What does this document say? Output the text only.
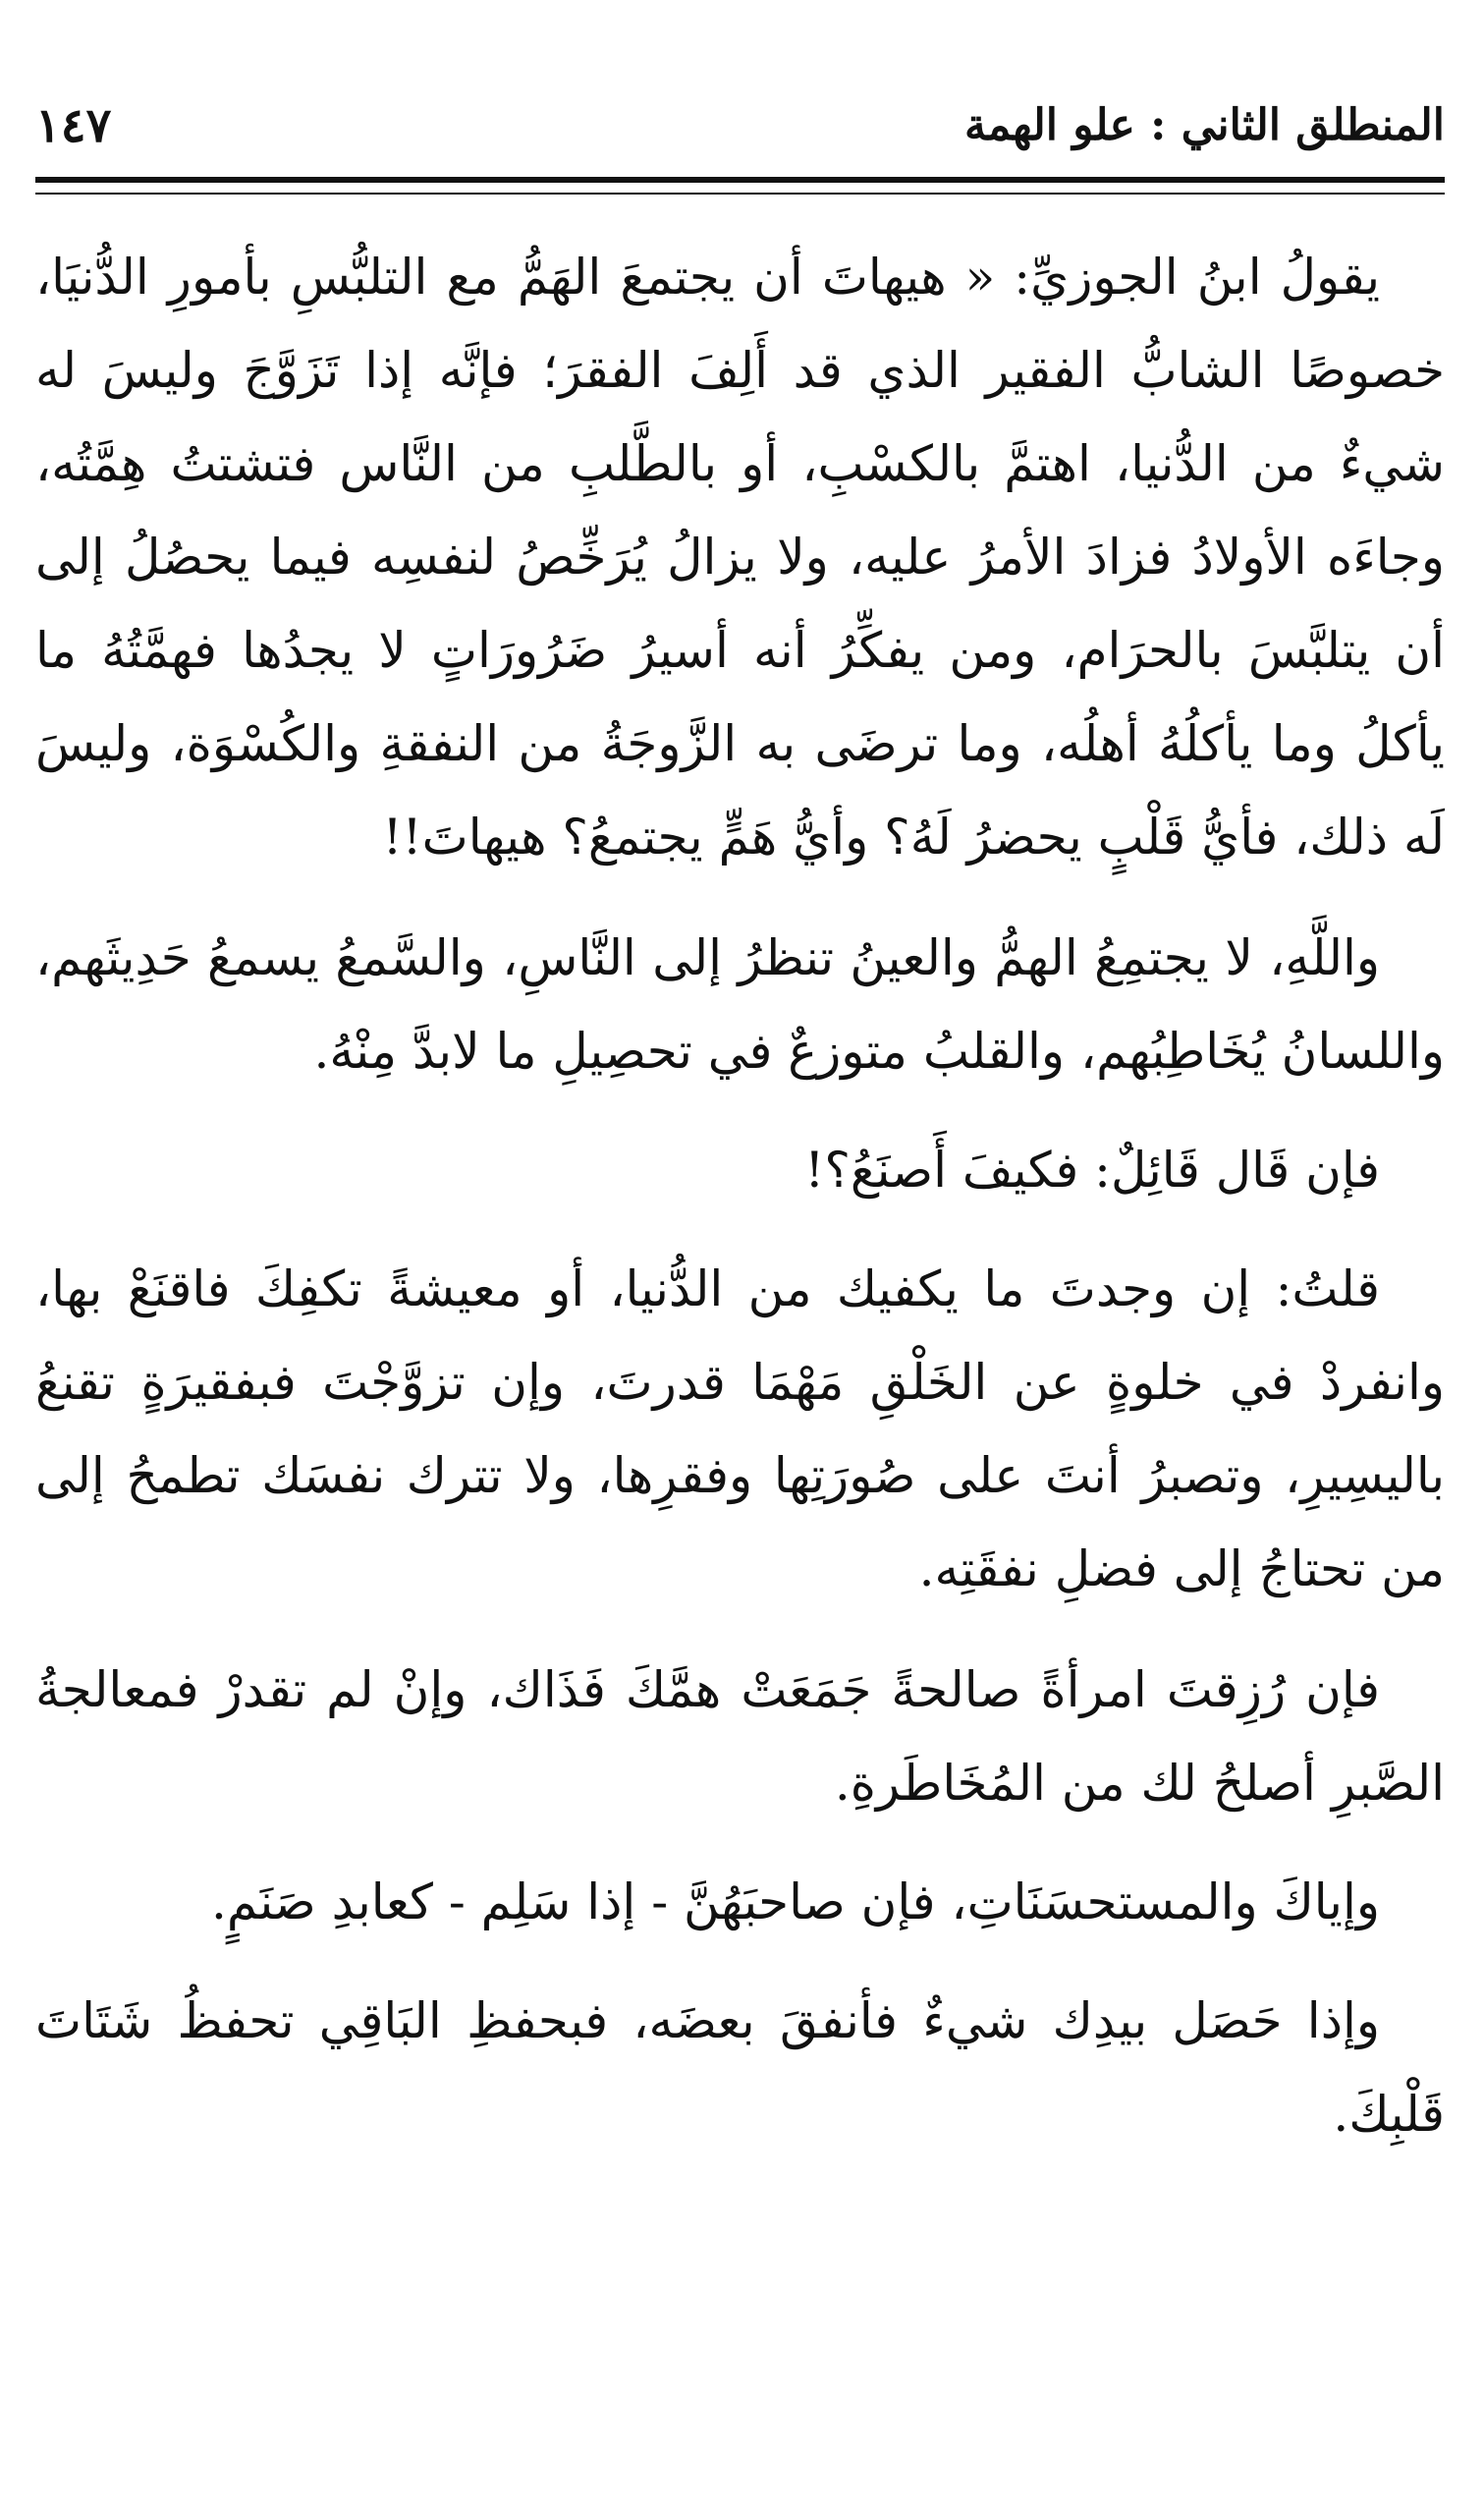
المنطلق الثاني : علو الهمة
١٤٧

يقولُ ابنُ الجوزيِّ: « هيهاتَ أن يجتمعَ الهَمُّ مع التلبُّسِ بأمورِ الدُّنيَا، خصوصًا الشابُّ الفقير الذي قد أَلِفَ الفقرَ؛ فإنَّه إذا تَزَوَّجَ وليسَ له شيءٌ من الدُّنيا، اهتمَّ بالكسْبِ، أو بالطَّلبِ من النَّاس فتشتتُ هِمَّتُه، وجاءَه الأولادُ فزادَ الأمرُ عليه، ولا يزالُ يُرَخِّصُ لنفسِه فيما يحصُلُ إلى أن يتلبَّسَ بالحرَام، ومن يفكِّرُ أنه أسيرُ ضَرُورَاتٍ لا يجدُها فهمَّتُهُ ما يأكلُ وما يأكلُهُ أهلُه، وما ترضَى به الزَّوجَةُ من النفقةِ والكُسْوَة، وليسَ لَه ذلك، فأيُّ قَلْبٍ يحضرُ لَهُ؟ وأيُّ هَمٍّ يجتمعُ؟ هيهاتَ!!

واللَّهِ، لا يجتمِعُ الهمُّ والعينُ تنظرُ إلى النَّاسِ، والسَّمعُ يسمعُ حَدِيثَهم، واللسانُ يُخَاطِبُهم، والقلبُ متوزعٌ في تحصِيلِ ما لابدَّ مِنْهُ.

فإن قَال قَائِلٌ: فكيفَ أَصنَعُ؟!

قلتُ: إن وجدتَ ما يكفيك من الدُّنيا، أو معيشةً تكفِكَ فاقنَعْ بها، وانفردْ في خلوةٍ عن الخَلْقِ مَهْمَا قدرتَ، وإن تزوَّجْتَ فبفقيرَةٍ تقنعُ باليسِيرِ، وتصبرُ أنتَ على صُورَتِها وفقرِها، ولا تترك نفسَك تطمحُ إلى من تحتاجُ إلى فضلِ نفقَتِه.

فإن رُزِقتَ امرأةً صالحةً جَمَعَتْ همَّكَ فَذَاك، وإنْ لم تقدرْ فمعالجةُ الصَّبرِ أصلحُ لك من المُخَاطَرةِ.

وإياكَ والمستحسَنَاتِ، فإن صاحبَهُنَّ - إذا سَلِم - كعابدِ صَنَمٍ.

وإذا حَصَل بيدِك شيءٌ فأنفقَ بعضَه، فبحفظِ البَاقِي تحفظُ شَتَاتَ قَلْبِكَ.
